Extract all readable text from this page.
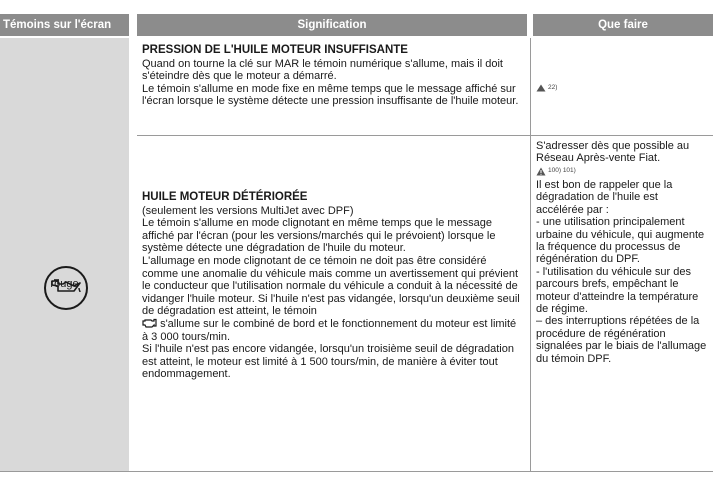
Témoins sur l'écran	Signification	Que faire
rouge
PRESSION DE L'HUILE MOTEUR INSUFFISANTE

Quand on tourne la clé sur MAR le témoin numérique s'allume, mais il doit s'éteindre dès que le moteur a démarré.

Le témoin s'allume en mode fixe en même temps que le message affiché sur l'écran lorsque le système détecte une pression insuffisante de l'huile moteur.

22)
HUILE MOTEUR DÉTÉRIORÉE

(seulement les versions MultiJet avec DPF)

Le témoin s'allume en mode clignotant en même temps que le message affiché par l'écran (pour les versions/marchés qui le prévoient) lorsque le système détecte une dégradation de l'huile du moteur.

L'allumage en mode clignotant de ce témoin ne doit pas être considéré comme une anomalie du véhicule mais comme un avertissement qui prévient le conducteur que l'utilisation normale du véhicule a conduit à la nécessité de vidanger l'huile moteur. Si l'huile n'est pas vidangée, lorsqu'un deuxième seuil de dégradation est atteint, le témoin
s'allume sur le combiné de bord et le fonctionnement du moteur est limité à 3 000 tours/min.

Si l'huile n'est pas encore vidangée, lorsqu'un troisième seuil de dégradation est atteint, le moteur est limité à 1 500 tours/min, de manière à éviter tout endommagement.

S'adresser dès que possible au Réseau Après-vente Fiat.

100) 101)

Il est bon de rappeler que la dégradation de l'huile est accélérée par :

- une utilisation principalement urbaine du véhicule, qui augmente la fréquence du processus de régénération du DPF.

- l'utilisation du véhicule sur des parcours brefs, empêchant le moteur d'atteindre la température de régime.

– des interruptions répétées de la procédure de régénération signalées par le biais de l'allumage du témoin DPF.
